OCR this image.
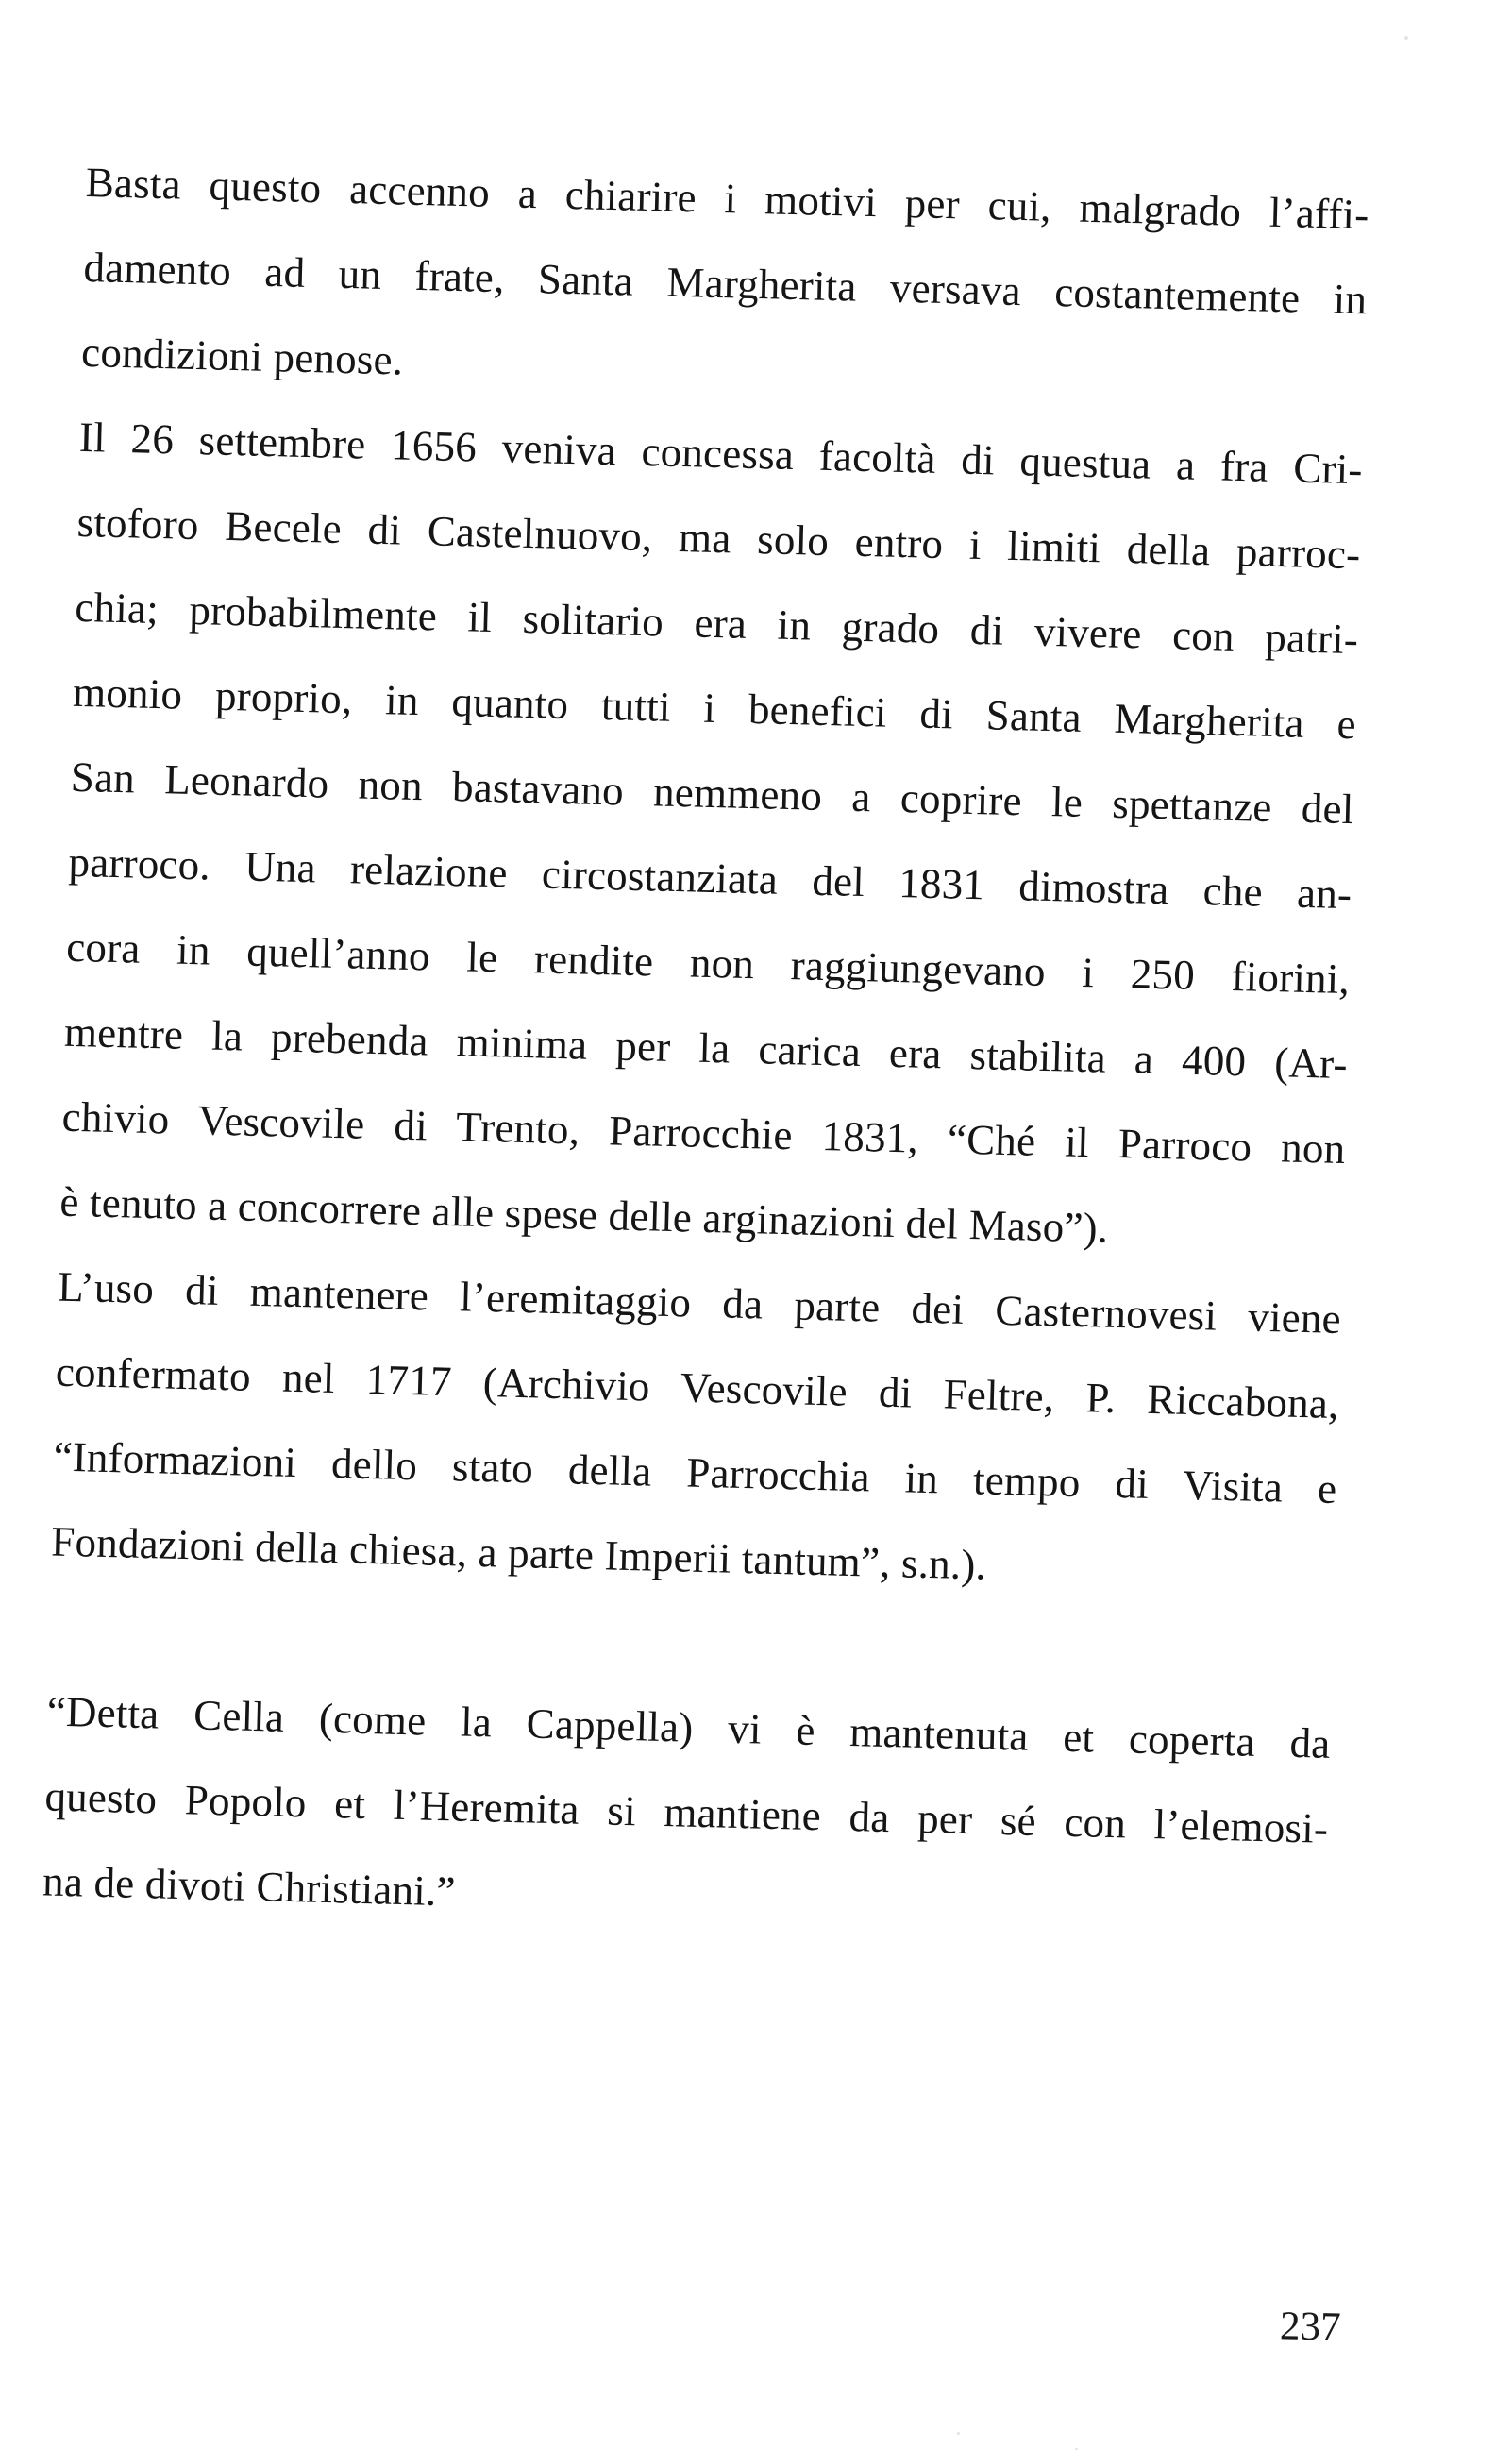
Basta questo accenno a chiarire i motivi per cui, malgrado l’affi-
damento ad un frate, Santa Margherita versava costantemente in
condizioni penose.
Il 26 settembre 1656 veniva concessa facoltà di questua a fra Cri-
stoforo Becele di Castelnuovo, ma solo entro i limiti della parroc-
chia; probabilmente il solitario era in grado di vivere con patri-
monio proprio, in quanto tutti i benefici di Santa Margherita e
San Leonardo non bastavano nemmeno a coprire le spettanze del
parroco. Una relazione circostanziata del 1831 dimostra che an-
cora in quell’anno le rendite non raggiungevano i 250 fiorini,
mentre la prebenda minima per la carica era stabilita a 400 (Ar-
chivio Vescovile di Trento, Parrocchie 1831, “Ché il Parroco non
è tenuto a concorrere alle spese delle arginazioni del Maso”).
L’uso di mantenere l’eremitaggio da parte dei Casternovesi viene
confermato nel 1717 (Archivio Vescovile di Feltre, P. Riccabona,
“Informazioni dello stato della Parrocchia in tempo di Visita e
Fondazioni della chiesa, a parte Imperii tantum”, s.n.).
“Detta Cella (come la Cappella) vi è mantenuta et coperta da
questo Popolo et l’Heremita si mantiene da per sé con l’elemosi-
na de divoti Christiani.”
237
